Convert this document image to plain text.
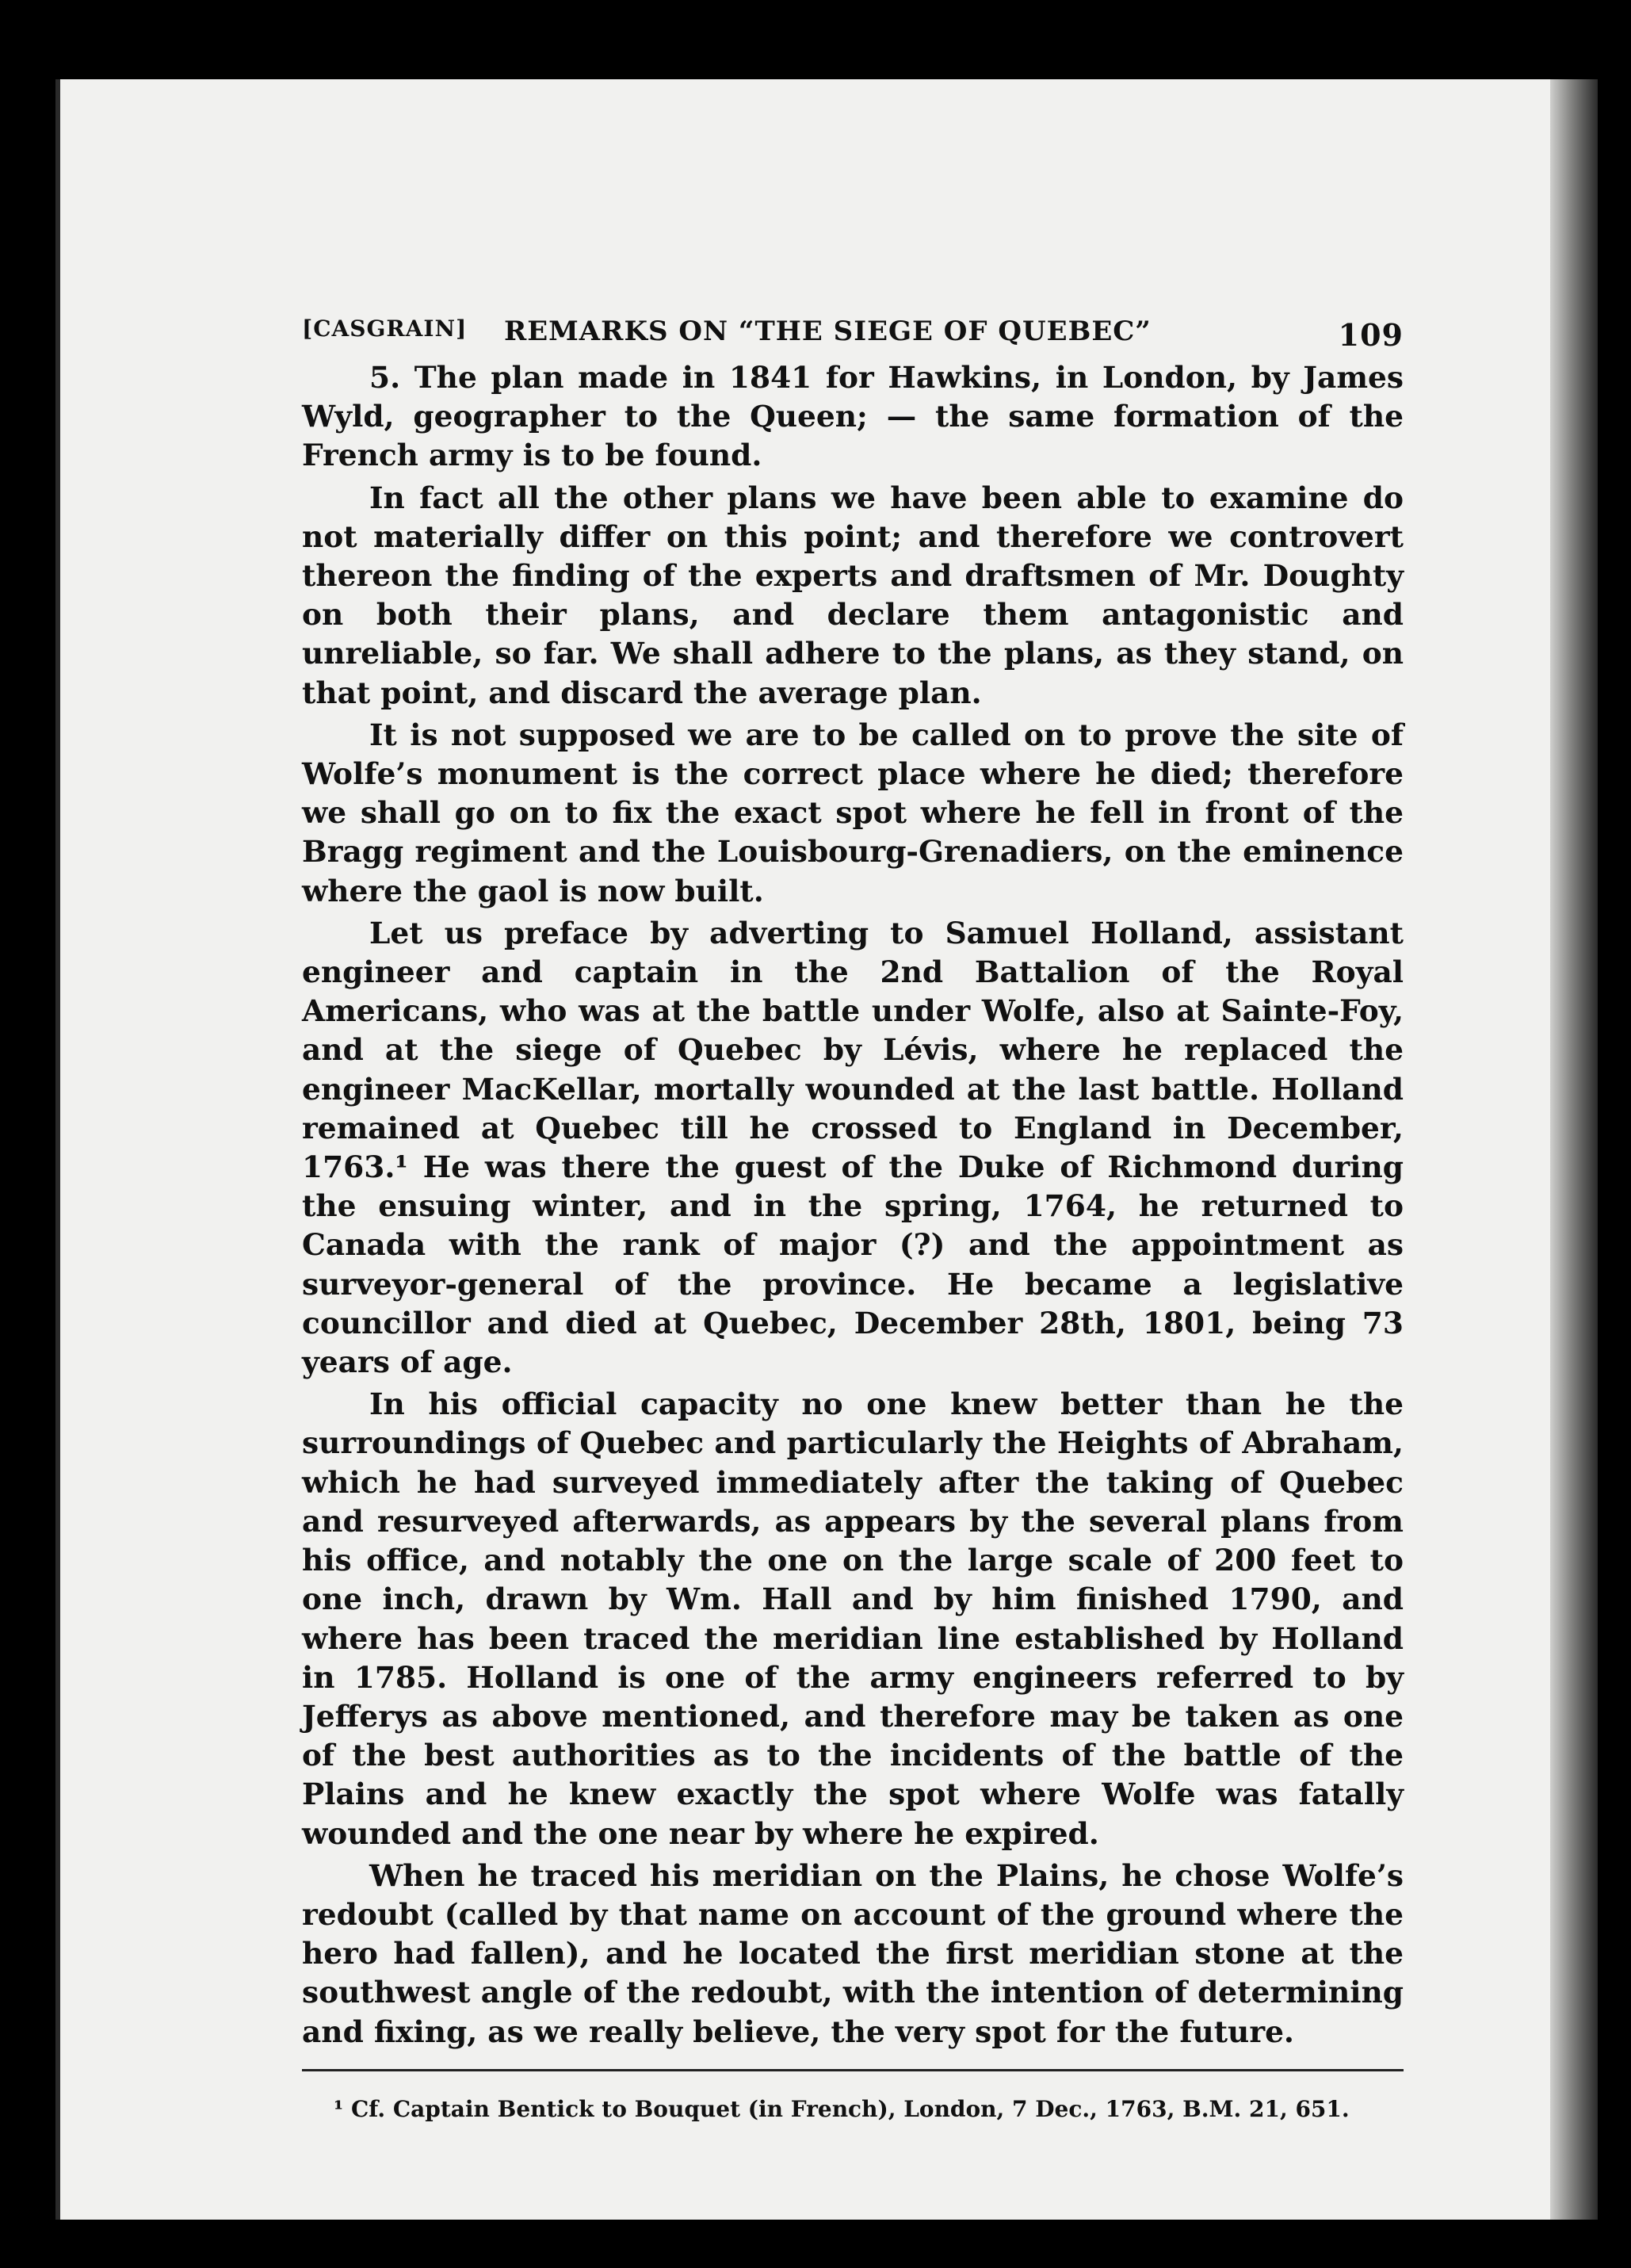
[CASGRAIN] REMARKS ON “THE SIEGE OF QUEBEC”	109

5. The plan made in 1841 for Hawkins, in London, by James Wyld, geographer to the Queen; — the same formation of the French army is to be found.

In fact all the other plans we have been able to examine do not materially differ on this point; and therefore we controvert thereon the finding of the experts and draftsmen of Mr. Doughty on both their plans, and declare them antagonistic and unreliable, so far. We shall adhere to the plans, as they stand, on that point, and discard the average plan.

It is not supposed we are to be called on to prove the site of Wolfe’s monument is the correct place where he died; therefore we shall go on to fix the exact spot where he fell in front of the Bragg regiment and the Louisbourg-Grenadiers, on the eminence where the gaol is now built.

Let us preface by adverting to Samuel Holland, assistant engineer and captain in the 2nd Battalion of the Royal Americans, who was at the battle under Wolfe, also at Sainte-Foy, and at the siege of Quebec by Lévis, where he replaced the engineer MacKellar, mortally wounded at the last battle. Holland remained at Quebec till he crossed to England in December, 1763.¹ He was there the guest of the Duke of Richmond during the ensuing winter, and in the spring, 1764, he returned to Canada with the rank of major (?) and the appointment as surveyor-general of the province. He became a legislative councillor and died at Quebec, December 28th, 1801, being 73 years of age.

In his official capacity no one knew better than he the surroundings of Quebec and particularly the Heights of Abraham, which he had surveyed immediately after the taking of Quebec and resurveyed afterwards, as appears by the several plans from his office, and notably the one on the large scale of 200 feet to one inch, drawn by Wm. Hall and by him finished 1790, and where has been traced the meridian line established by Holland in 1785. Holland is one of the army engineers referred to by Jefferys as above mentioned, and therefore may be taken as one of the best authorities as to the incidents of the battle of the Plains and he knew exactly the spot where Wolfe was fatally wounded and the one near by where he expired.

When he traced his meridian on the Plains, he chose Wolfe’s redoubt (called by that name on account of the ground where the hero had fallen), and he located the first meridian stone at the southwest angle of the redoubt, with the intention of determining and fixing, as we really believe, the very spot for the future.

¹ Cf. Captain Bentick to Bouquet (in French), London, 7 Dec., 1763, B.M. 21, 651.
